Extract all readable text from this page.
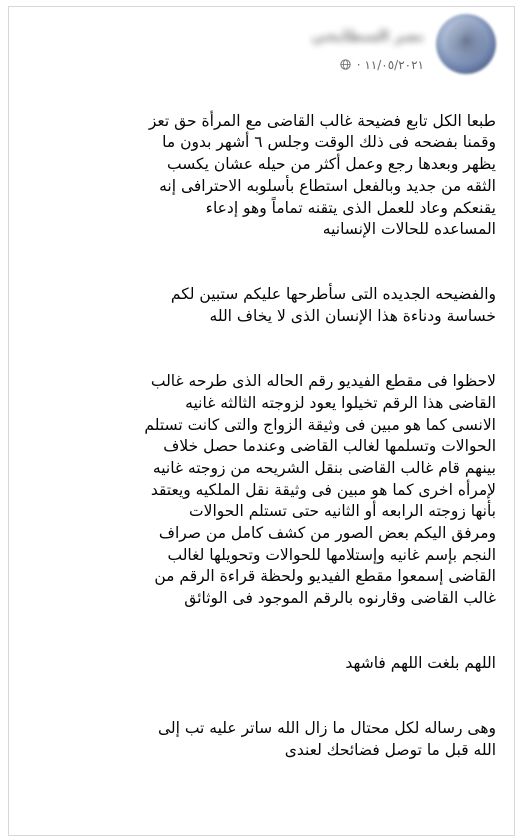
نصر السطايحي
١١/٠٥/٢٠٢١ ·

طبعا الكل تابع فضيحة غالب القاضى مع المرأة حق تعز
وقمنا بفضحه فى ذلك الوقت وجلس ٦ أشهر بدون ما
يظهر وبعدها رجع وعمل أكثر من حيله عشان يكسب
الثقه من جديد وبالفعل استطاع بأسلوبه الاحترافى إنه
يقنعكم وعاد للعمل الذى يتقنه تماماً وهو إدعاء
المساعده للحالات الإنسانيه

والفضيحه الجديده التى سأطرحها عليكم ستبين لكم
خساسة ودناءة هذا الإنسان الذى لا يخاف الله

لاحظوا فى مقطع الفيديو رقم الحاله الذى طرحه غالب
القاضى هذا الرقم تخيلوا يعود لزوجته الثالثه غانيه
الانسى كما هو مبين فى وثيقة الزواج والتى كانت تستلم
الحوالات وتسلمها لغالب القاضى وعندما حصل خلاف
بينهم قام غالب القاضى بنقل الشريحه من زوجته غانيه
لإمرأه اخرى كما هو مبين فى وثيقة نقل الملكيه ويعتقد
بأنها زوجته الرابعه أو الثانيه حتى تستلم الحوالات
ومرفق اليكم بعض الصور من كشف كامل من صراف
النجم بإسم غانيه وإستلامها للحوالات وتحويلها لغالب
القاضى إسمعوا مقطع الفيديو ولحظة قراءة الرقم من
غالب القاضى وقارنوه بالرقم الموجود فى الوثائق

اللهم بلغت اللهم فاشهد

وهى رساله لكل محتال ما زال الله ساتر عليه تب إلى
الله قبل ما توصل فضائحك لعندى
